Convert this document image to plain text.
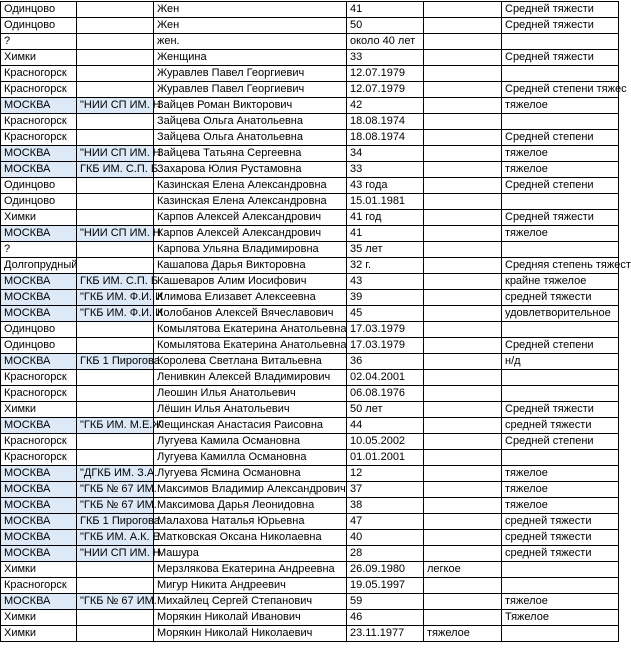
Одинцово		Жен	41		Средней тяжести
Одинцово		Жен	50		Средней тяжести
?		жен.	около 40 лет		
Химки		Женщина	33		Средней тяжести
Красногорск		Журавлев Павел Георгиевич	12.07.1979		
Красногорск		Журавлев Павел Георгиевич	12.07.1979		Средней степени тяжес
МОСКВА	"НИИ СП ИМ. Н	Зайцев Роман Викторович	42		тяжелое
Красногорск		Зайцева Ольга Анатольевна	18.08.1974		
Красногорск		Зайцева Ольга Анатольевна	18.08.1974		Средней степени
МОСКВА	"НИИ СП ИМ. Н	Зайцева Татьяна Сергеевна	34		тяжелое
МОСКВА	ГКБ ИМ. С.П. Б	Захарова Юлия Рустамовна	33		тяжелое
Одинцово		Казинская Елена Александровна	43 года		Средней степени
Одинцово		Казинская Елена Александровна	15.01.1981		
Химки		Карпов Алексей Александрович	41 год		Средней тяжести
МОСКВА	"НИИ СП ИМ. Н	Карпов Алексей Александрович	41		тяжелое
?		Карпова Ульяна Владимировна	35 лет		
Долгопрудный		Кашапова Дарья Викторовна	32 г.		Средняя степень тяжест
МОСКВА	ГКБ ИМ. С.П. Б	Кашеваров Алим Иосифович	43		крайне тяжелое
МОСКВА	"ГКБ ИМ. Ф.И. И	Климова Елизавет Алексеевна	39		средней тяжести
МОСКВА	"ГКБ ИМ. Ф.И. И	Колобанов Алексей Вячеславович	45		удовлетворительное
Одинцово		Комылятова Екатерина Анатольевна	17.03.1979		
Одинцово		Комылятова Екатерина Анатольевна	17.03.1979		Средней степени
МОСКВА	ГКБ 1 Пирогова	Королева Светлана Витальевна	36		н/д
Красногорск		Ленивкин Алексей Владимирович	02.04.2001		
Красногорск		Леошин Илья Анатольевич	06.08.1976		
Химки		Лёшин Илья Анатольевич	50 лет		Средней тяжести
МОСКВА	"ГКБ ИМ. М.Е.Ж	Лещинская Анастасия Раисовна	44		средней тяжести
Красногорск		Лугуева Камила Османовна	10.05.2002		Средней степени
Красногорск		Лугуева Камилла Османовна	01.01.2001		
МОСКВА	"ДГКБ ИМ. З.А.	Лугуева Ясмина Османовна	12		тяжелое
МОСКВА	"ГКБ № 67 ИМ.	Максимов Владимир Александрович	37		тяжелое
МОСКВА	"ГКБ № 67 ИМ.	Максимова Дарья Леонидовна	38		тяжелое
МОСКВА	ГКБ 1 Пирогова	Малахова Наталья Юрьевна	47		средней тяжести
МОСКВА	"ГКБ ИМ. А.К. Е	Матковская Оксана Николаевна	40		средней тяжести
МОСКВА	"НИИ СП ИМ. Н	Машура	28		средней тяжести
Химки		Мерзлякова Екатерина Андреевна	26.09.1980	легкое	
Красногорск		Мигур Никита Андреевич	19.05.1997		
МОСКВА	"ГКБ № 67 ИМ.	Михайлец Сергей Степанович	59		тяжелое
Химки		Морякин Николай Иванович	46		Тяжелое
Химки		Морякин Николай Николаевич	23.11.1977	тяжелое	
